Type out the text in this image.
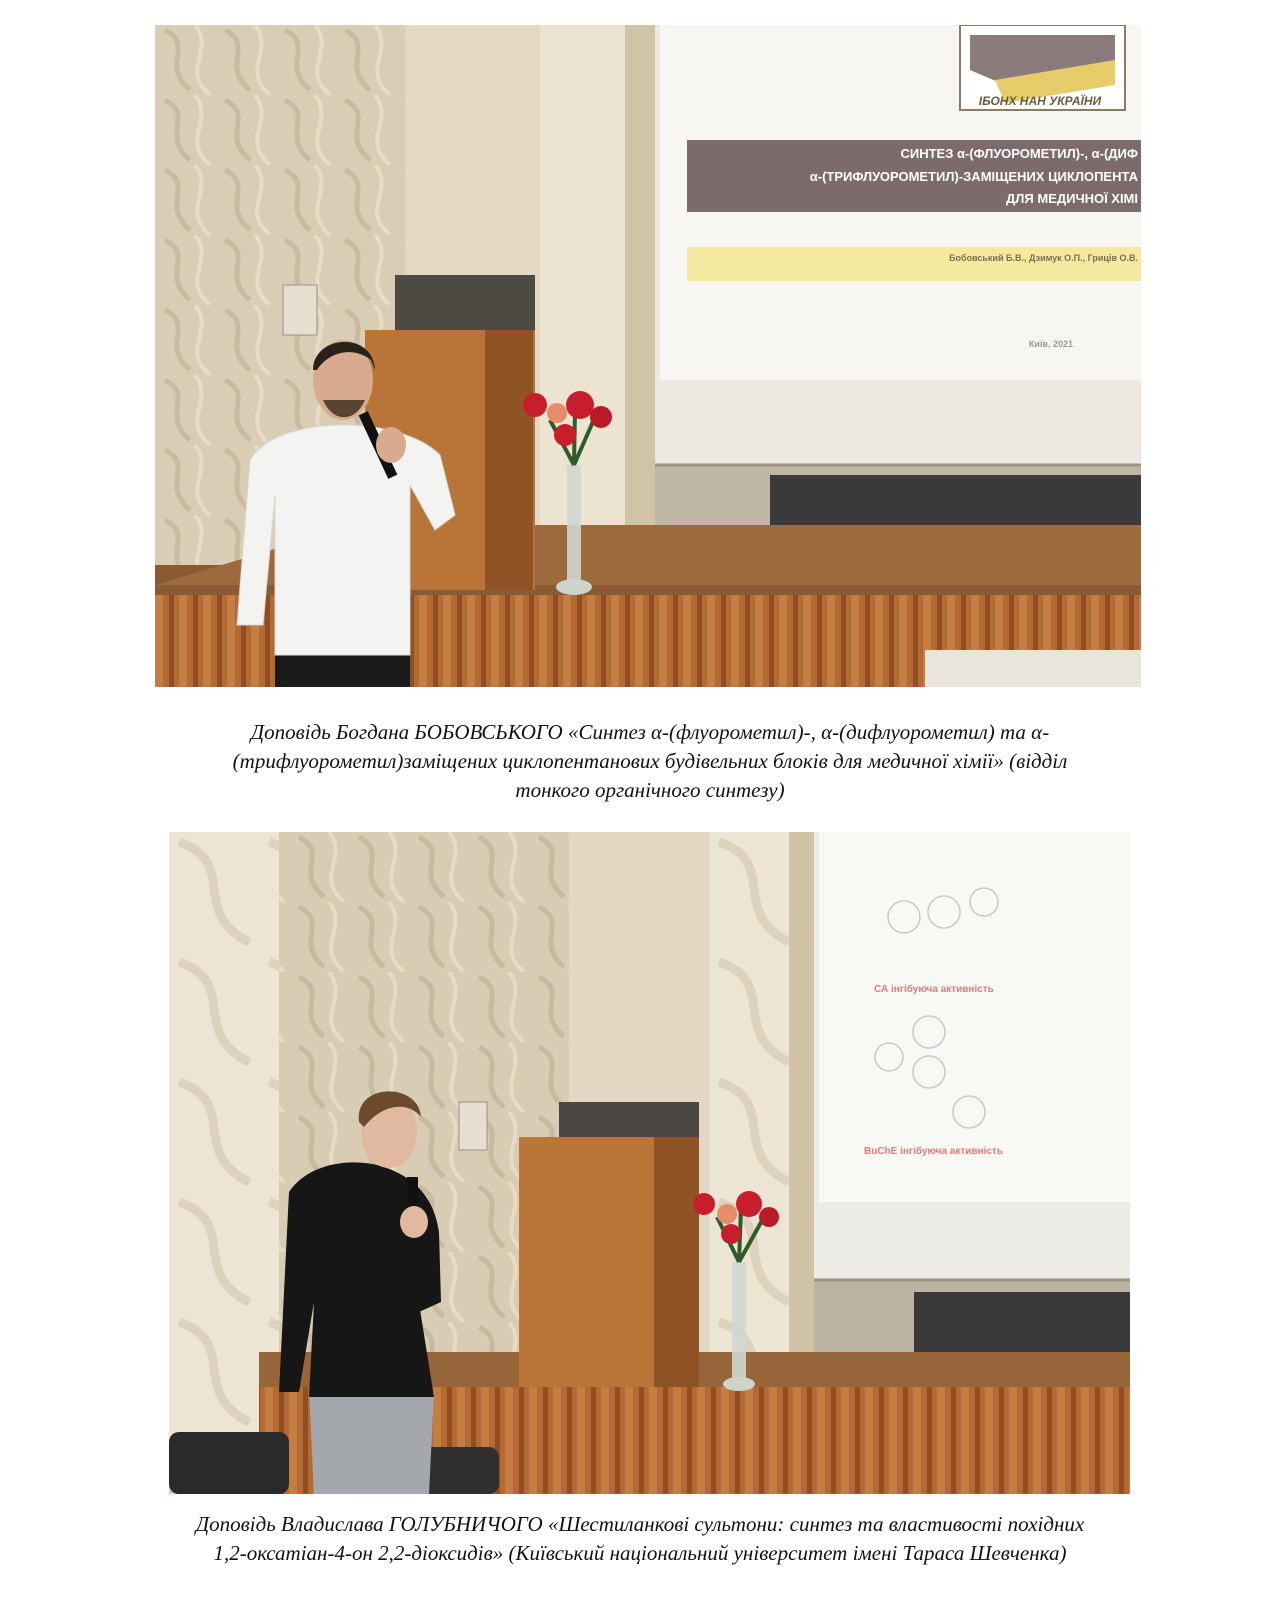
ІБОНХ НАН УКРАЇНИ
СИНТЕЗ α-(ФЛУОРОМЕТИЛ)-, α-(ДИФ
α-(ТРИФЛУОРОМЕТИЛ)-ЗАМІЩЕНИХ ЦИКЛОПЕНТА
ДЛЯ МЕДИЧНОЇ ХІМІ
Бобовський Б.В., Дзимук О.П., Гриців О.В.
Київ, 2021
Доповідь Богдана БОБОВСЬКОГО «Синтез α-(флуорометил)-, α-(дифлуорометил) та α-
(трифлуорометил)заміщених циклопентанових будівельних блоків для медичної хімії» (відділ
тонкого органічного синтезу)
СА інгібуюча активність
BuChE інгібуюча активність
Доповідь Владислава ГОЛУБНИЧОГО «Шестиланкові сультони: синтез та властивості похідних
1,2-оксатіан-4-он 2,2-діоксидів» (Київський національний університет імені Тараса Шевченка)
